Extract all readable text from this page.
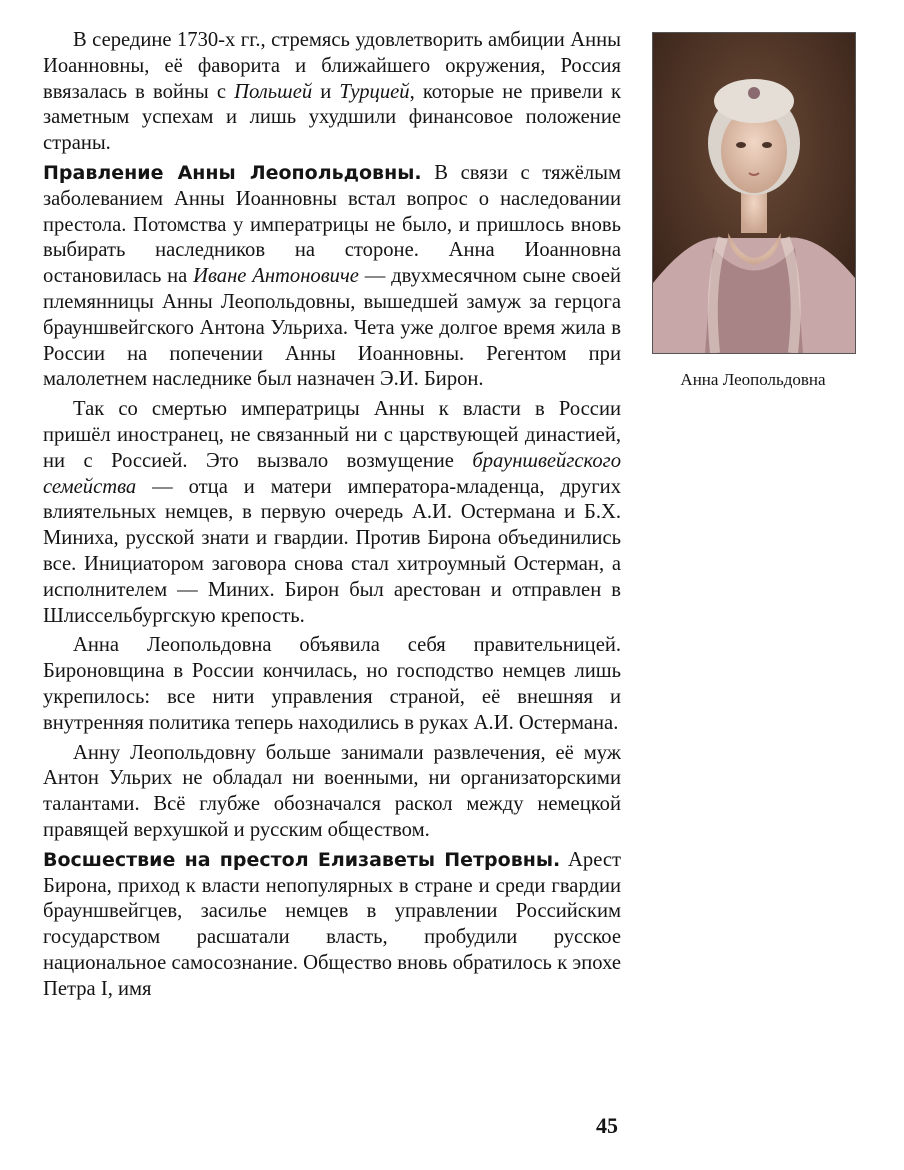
В середине 1730-х гг., стремясь удовлетворить амбиции Анны Иоанновны, её фаворита и ближайшего окружения, Россия ввязалась в войны с Польшей и Турцией, которые не привели к заметным успехам и лишь ухудшили финансовое положение страны.

Правление Анны Леопольдовны. В связи с тяжёлым заболеванием Анны Иоанновны встал вопрос о наследовании престола. Потомства у императрицы не было, и пришлось вновь выбирать наследников на стороне. Анна Иоанновна остановилась на Иване Антоновиче — двухмесячном сыне своей племянницы Анны Леопольдовны, вышедшей замуж за герцога брауншвейгского Антона Ульриха. Чета уже долгое время жила в России на попечении Анны Иоанновны. Регентом при малолетнем наследнике был назначен Э.И. Бирон.

Так со смертью императрицы Анны к власти в России пришёл иностранец, не связанный ни с царствующей династией, ни с Россией. Это вызвало возмущение брауншвейгского семейства — отца и матери императора-младенца, других влиятельных немцев, в первую очередь А.И. Остермана и Б.Х. Миниха, русской знати и гвардии. Против Бирона объединились все. Инициатором заговора снова стал хитроумный Остерман, а исполнителем — Миних. Бирон был арестован и отправлен в Шлиссельбургскую крепость.

Анна Леопольдовна объявила себя правительницей. Бироновщина в России кончилась, но господство немцев лишь укрепилось: все нити управления страной, её внешняя и внутренняя политика теперь находились в руках А.И. Остермана.

Анну Леопольдовну больше занимали развлечения, её муж Антон Ульрих не обладал ни военными, ни организаторскими талантами. Всё глубже обозначался раскол между немецкой правящей верхушкой и русским обществом.

Восшествие на престол Елизаветы Петровны. Арест Бирона, приход к власти непопулярных в стране и среди гвардии брауншвейгцев, засилье немцев в управлении Российским государством расшатали власть, пробудили русское национальное самосознание. Общество вновь обратилось к эпохе Петра I, имя

Анна Леопольдовна
45
